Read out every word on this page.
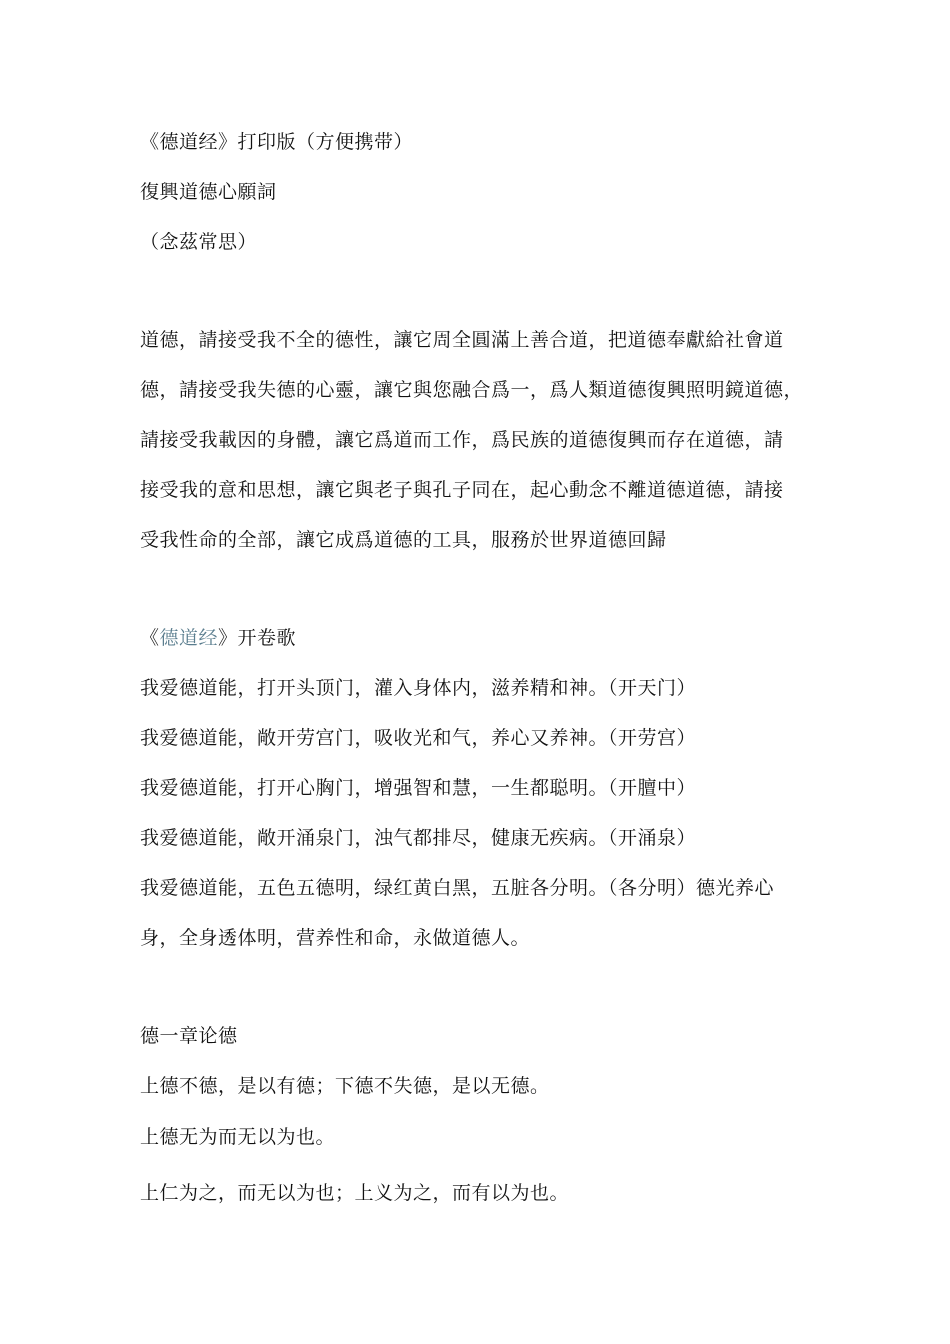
《德道经》打印版（方便携带）
復興道德心願詞
（念茲常思）
道德，請接受我不全的德性，讓它周全圓滿上善合道，把道德奉獻給社會道
德，請接受我失德的心靈，讓它與您融合爲一，爲人類道德復興照明鏡道德，
請接受我載因的身體，讓它爲道而工作，爲民族的道德復興而存在道德，請
接受我的意和思想，讓它與老子與孔子同在，起心動念不離道德道德，請接
受我性命的全部，讓它成爲道德的工具，服務於世界道德回歸
《德道经》开卷歌
我爱德道能，打开头顶门，灌入身体内，滋养精和神。（开天门）
我爱德道能，敞开劳宫门，吸收光和气，养心又养神。（开劳宫）
我爱德道能，打开心胸门，增强智和慧，一生都聪明。（开膻中）
我爱德道能，敞开涌泉门，浊气都排尽，健康无疾病。（开涌泉）
我爱德道能，五色五德明，绿红黄白黑，五脏各分明。（各分明）德光养心
身，全身透体明，营养性和命，永做道德人。
德一章论德
上德不德，是以有德；下德不失德，是以无德。
上德无为而无以为也。
上仁为之，而无以为也；上义为之，而有以为也。
